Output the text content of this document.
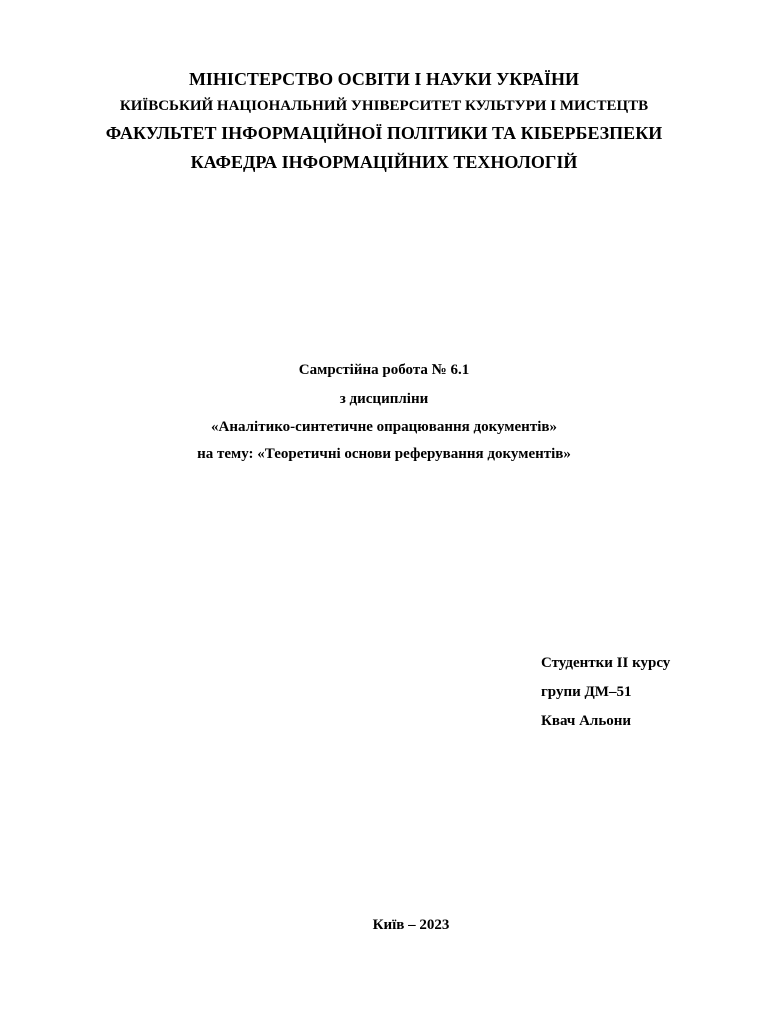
МІНІСТЕРСТВО ОСВІТИ І НАУКИ УКРАЇНИ
КИЇВСЬКИЙ НАЦІОНАЛЬНИЙ УНІВЕРСИТЕТ КУЛЬТУРИ І МИСТЕЦТВ
ФАКУЛЬТЕТ ІНФОРМАЦІЙНОЇ ПОЛІТИКИ ТА КІБЕРБЕЗПЕКИ
КАФЕДРА ІНФОРМАЦІЙНИХ ТЕХНОЛОГІЙ
Самрстійна робота № 6.1
з дисципліни
«Аналітико-синтетичне опрацювання документів»
на тему: «Теоретичні основи реферування документів»
Студентки ІІ курсу
групи ДМ–51
Квач Альони
Київ – 2023
